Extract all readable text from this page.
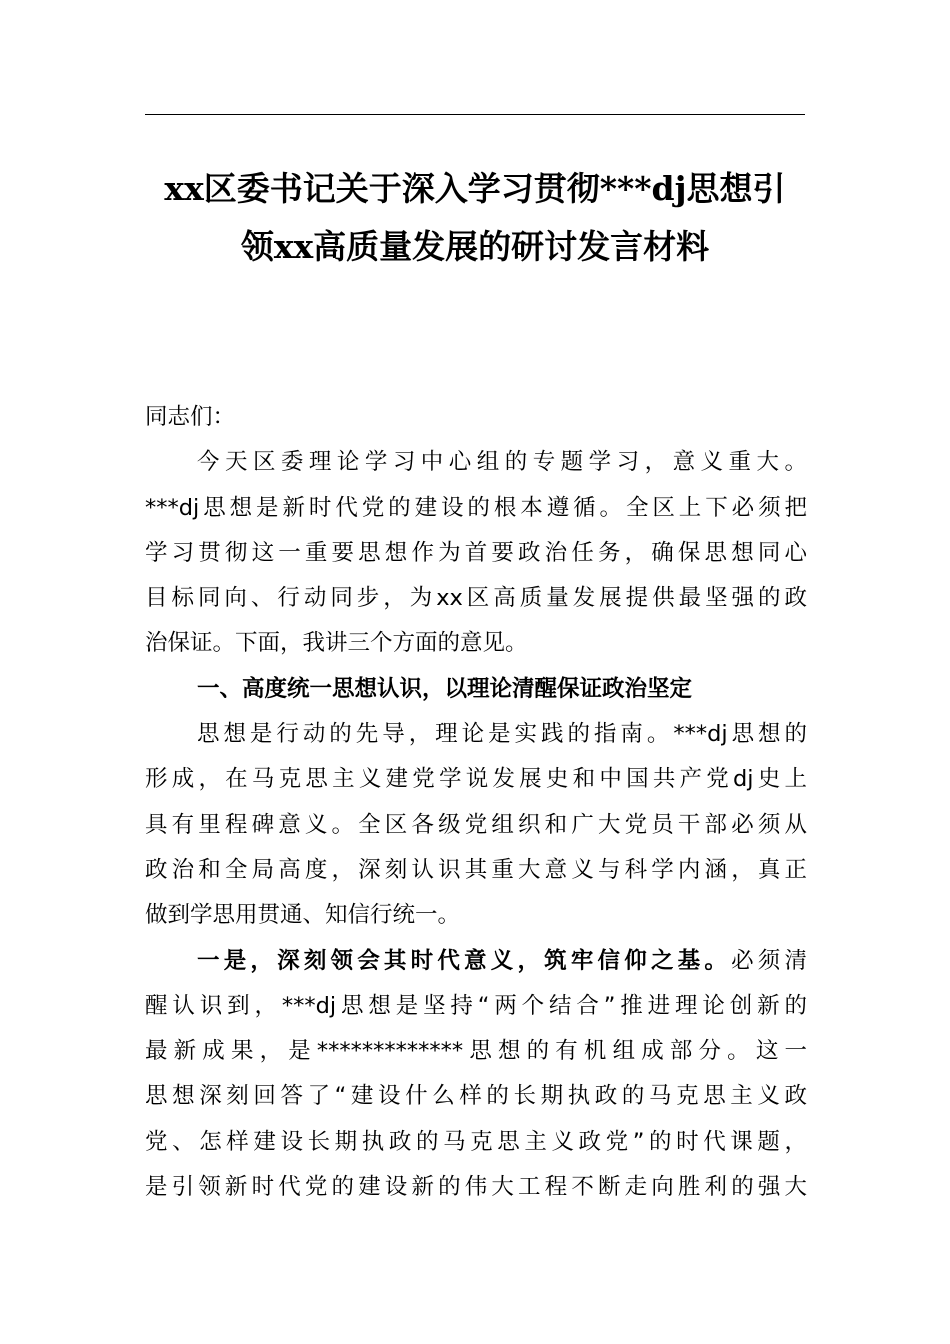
xx区委书记关于深入学习贯彻***dj思想引
领xx高质量发展的研讨发言材料
同志们：
今天区委理论学习中心组的专题学习，意义重大。
***dj思想是新时代党的建设的根本遵循。全区上下必须把
学习贯彻这一重要思想作为首要政治任务，确保思想同心
目标同向、行动同步，为xx区高质量发展提供最坚强的政
治保证。下面，我讲三个方面的意见。
一、高度统一思想认识，以理论清醒保证政治坚定
思想是行动的先导，理论是实践的指南。***dj思想的
形成，在马克思主义建党学说发展史和中国共产党dj史上
具有里程碑意义。全区各级党组织和广大党员干部必须从
政治和全局高度，深刻认识其重大意义与科学内涵，真正
做到学思用贯通、知信行统一。
一是，深刻领会其时代意义，筑牢信仰之基。必须清
醒认识到，***dj思想是坚持“两个结合”推进理论创新的
最新成果，是*************思想的有机组成部分。这一
思想深刻回答了“建设什么样的长期执政的马克思主义政
党、怎样建设长期执政的马克思主义政党”的时代课题，
是引领新时代党的建设新的伟大工程不断走向胜利的强大
